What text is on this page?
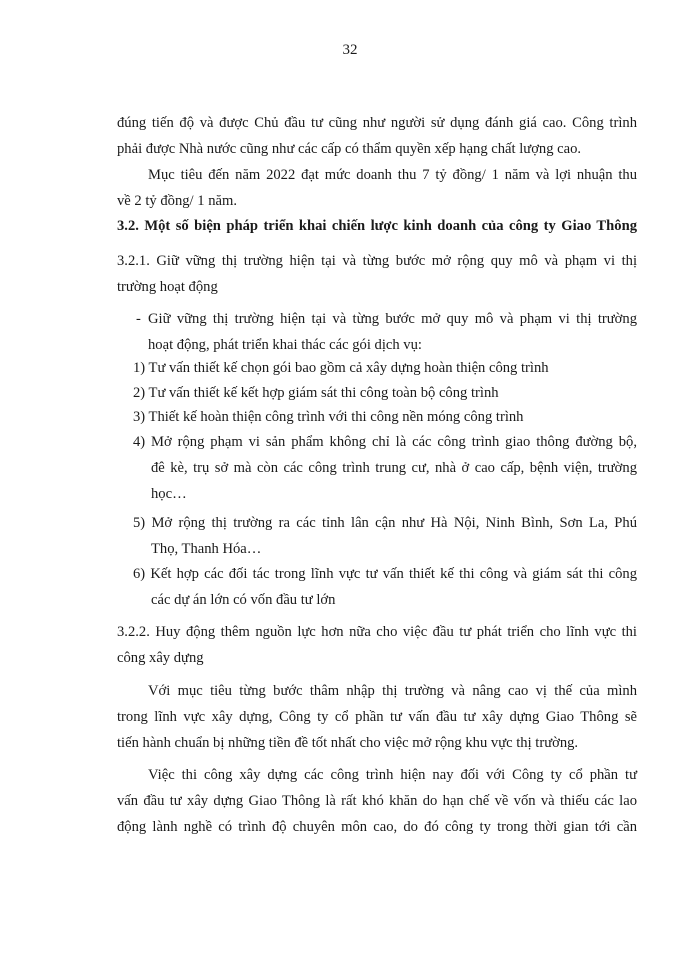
32
đúng tiến độ và được Chủ đầu tư cũng như người sử dụng đánh giá cao. Công trình
phải được Nhà nước cũng như các cấp có thẩm quyền xếp hạng chất lượng cao.
Mục tiêu đến năm 2022 đạt mức doanh thu 7 tỷ đồng/ 1 năm và lợi nhuận thu
về 2 tỷ đồng/ 1 năm.
3.2. Một số biện pháp triển khai chiến lược kinh doanh của công ty Giao Thông
3.2.1. Giữ vững thị trường hiện tại và từng bước mở rộng quy mô và phạm vi thị
trường hoạt động
- Giữ vững thị trường hiện tại và từng bước mở quy mô và phạm vi thị trường
hoạt động, phát triển khai thác các gói dịch vụ:
1) Tư vấn thiết kế chọn gói bao gồm cả xây dựng hoàn thiện công trình
2) Tư vấn thiết kế kết hợp giám sát thi công toàn bộ công trình
3) Thiết kế hoàn thiện công trình với thi công nền móng công trình
4) Mở rộng phạm vi sản phẩm không chỉ là các công trình giao thông đường bộ,
đê kè, trụ sở mà còn các công trình trung cư, nhà ở cao cấp, bệnh viện, trường
học…
5) Mở rộng thị trường ra các tỉnh lân cận như Hà Nội, Ninh Bình, Sơn La, Phú
Thọ, Thanh Hóa…
6) Kết hợp các đối tác trong lĩnh vực tư vấn thiết kế thi công và giám sát thi công
các dự án lớn có vốn đầu tư lớn
3.2.2. Huy động thêm nguồn lực hơn nữa cho việc đầu tư phát triển cho lĩnh vực thi
công xây dựng
Với mục tiêu từng bước thâm nhập thị trường và nâng cao vị thế của mình
trong lĩnh vực xây dựng, Công ty cổ phần tư vấn đầu tư xây dựng Giao Thông sẽ
tiến hành chuẩn bị những tiền đề tốt nhất cho việc mở rộng khu vực thị trường.
Việc thi công xây dựng các công trình hiện nay đối với Công ty cổ phần tư
vấn đầu tư xây dựng Giao Thông là rất khó khăn do hạn chế về vốn và thiếu các lao
động lành nghề có trình độ chuyên môn cao, do đó công ty trong thời gian tới cần
